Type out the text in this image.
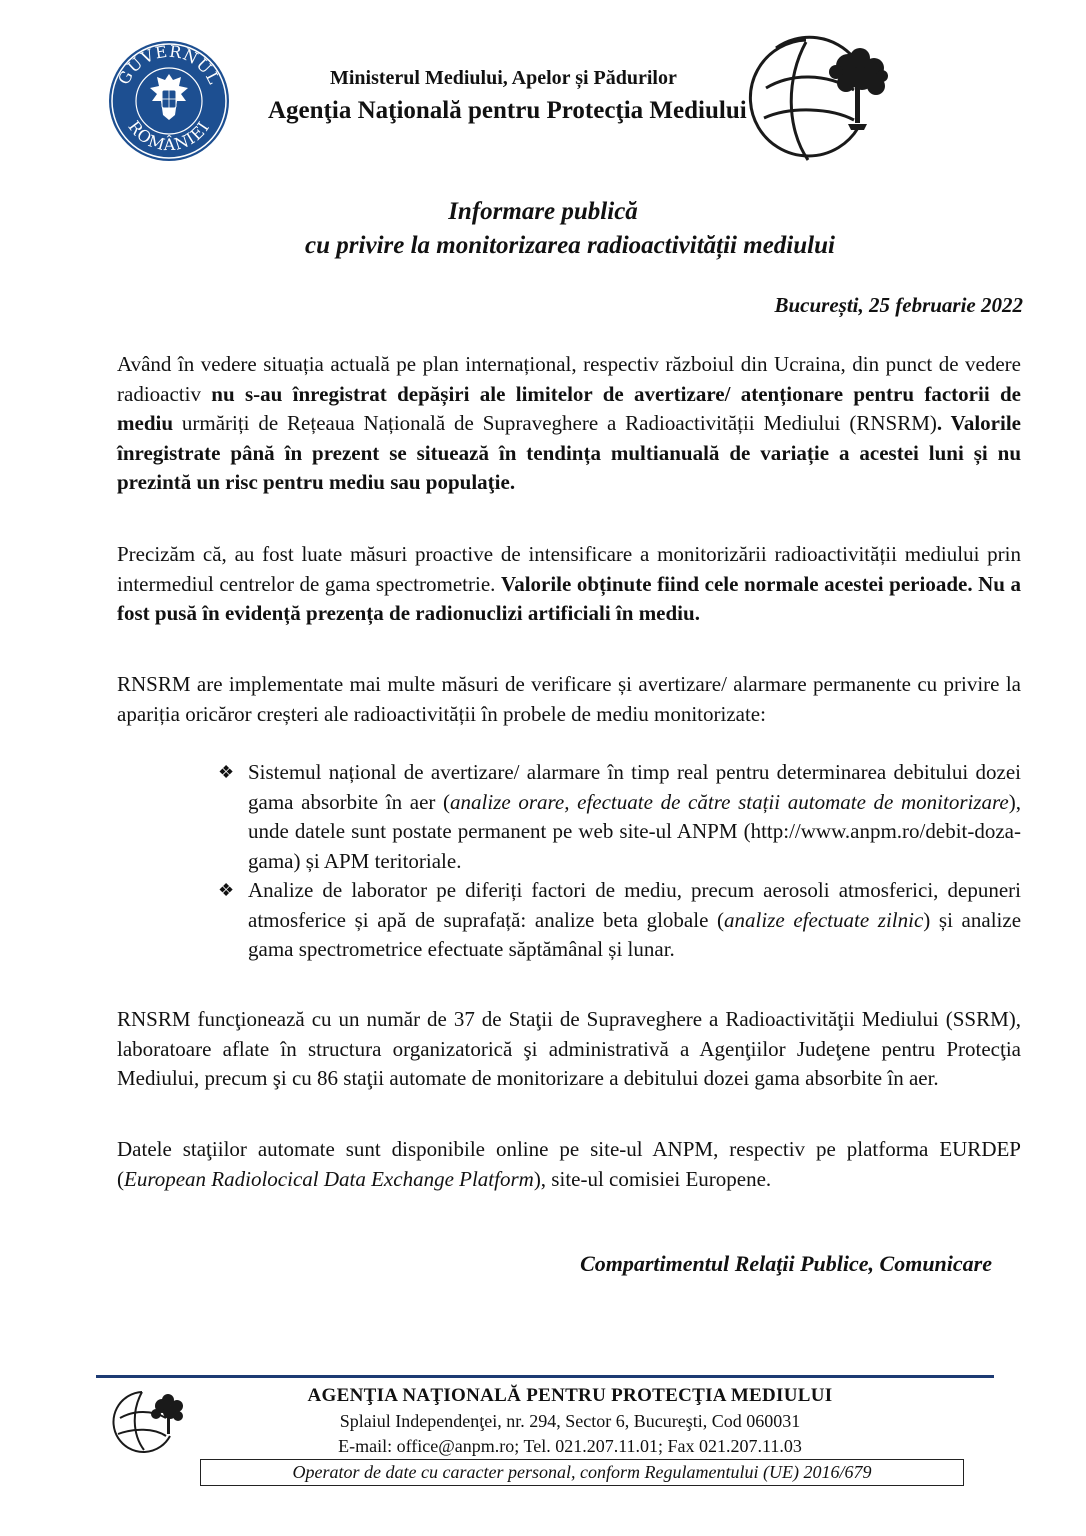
GUVERNUL
ROMÂNIEI
Ministerul Mediului, Apelor și Pădurilor
Agenţia Naţională pentru Protecţia Mediului
Informare publică
cu privire la monitorizarea radioactivității mediului
București, 25 februarie 2022

Având în vedere situația actuală pe plan internațional, respectiv războiul din Ucraina, din punct de vedere radioactiv nu s-au înregistrat depășiri ale limitelor de avertizare/ atenționare pentru factorii de mediu urmăriți de Rețeaua Națională de Supraveghere a Radioactivității Mediului (RNSRM). Valorile înregistrate până în prezent se situează în tendința multianuală de variație a acestei luni și nu prezintă un risc pentru mediu sau populaţie.

Precizăm că, au fost luate măsuri proactive de intensificare a monitorizării radioactivității mediului prin intermediul centrelor de gama spectrometrie. Valorile obținute fiind cele normale acestei perioade. Nu a fost pusă în evidență prezența de radionuclizi artificiali în mediu.

RNSRM are implementate mai multe măsuri de verificare și avertizare/ alarmare permanente cu privire la apariția oricăror creșteri ale radioactivității în probele de mediu monitorizate:

❖ Sistemul național de avertizare/ alarmare în timp real pentru determinarea debitului dozei gama absorbite în aer (analize orare, efectuate de către stații automate de monitorizare), unde datele sunt postate permanent pe web site-ul ANPM (http://www.anpm.ro/debit-doza-gama) și APM teritoriale.
❖ Analize de laborator pe diferiți factori de mediu, precum aerosoli atmosferici, depuneri atmosferice și apă de suprafață: analize beta globale (analize efectuate zilnic) și analize gama spectrometrice efectuate săptămânal și lunar.

RNSRM funcţionează cu un număr de 37 de Staţii de Supraveghere a Radioactivităţii Mediului (SSRM), laboratoare aflate în structura organizatorică şi administrativă a Agenţiilor Judeţene pentru Protecţia Mediului, precum şi cu 86 staţii automate de monitorizare a debitului dozei gama absorbite în aer.

Datele staţiilor automate sunt disponibile online pe site-ul ANPM, respectiv pe platforma EURDEP (European Radiolocical Data Exchange Platform), site-ul comisiei Europene.

Compartimentul Relaţii Publice, Comunicare
AGENŢIA NAŢIONALĂ PENTRU PROTECŢIA MEDIULUI
Splaiul Independenţei, nr. 294, Sector 6, Bucureşti, Cod 060031
E-mail: office@anpm.ro; Tel. 021.207.11.01; Fax 021.207.11.03
Operator de date cu caracter personal, conform Regulamentului (UE) 2016/679
